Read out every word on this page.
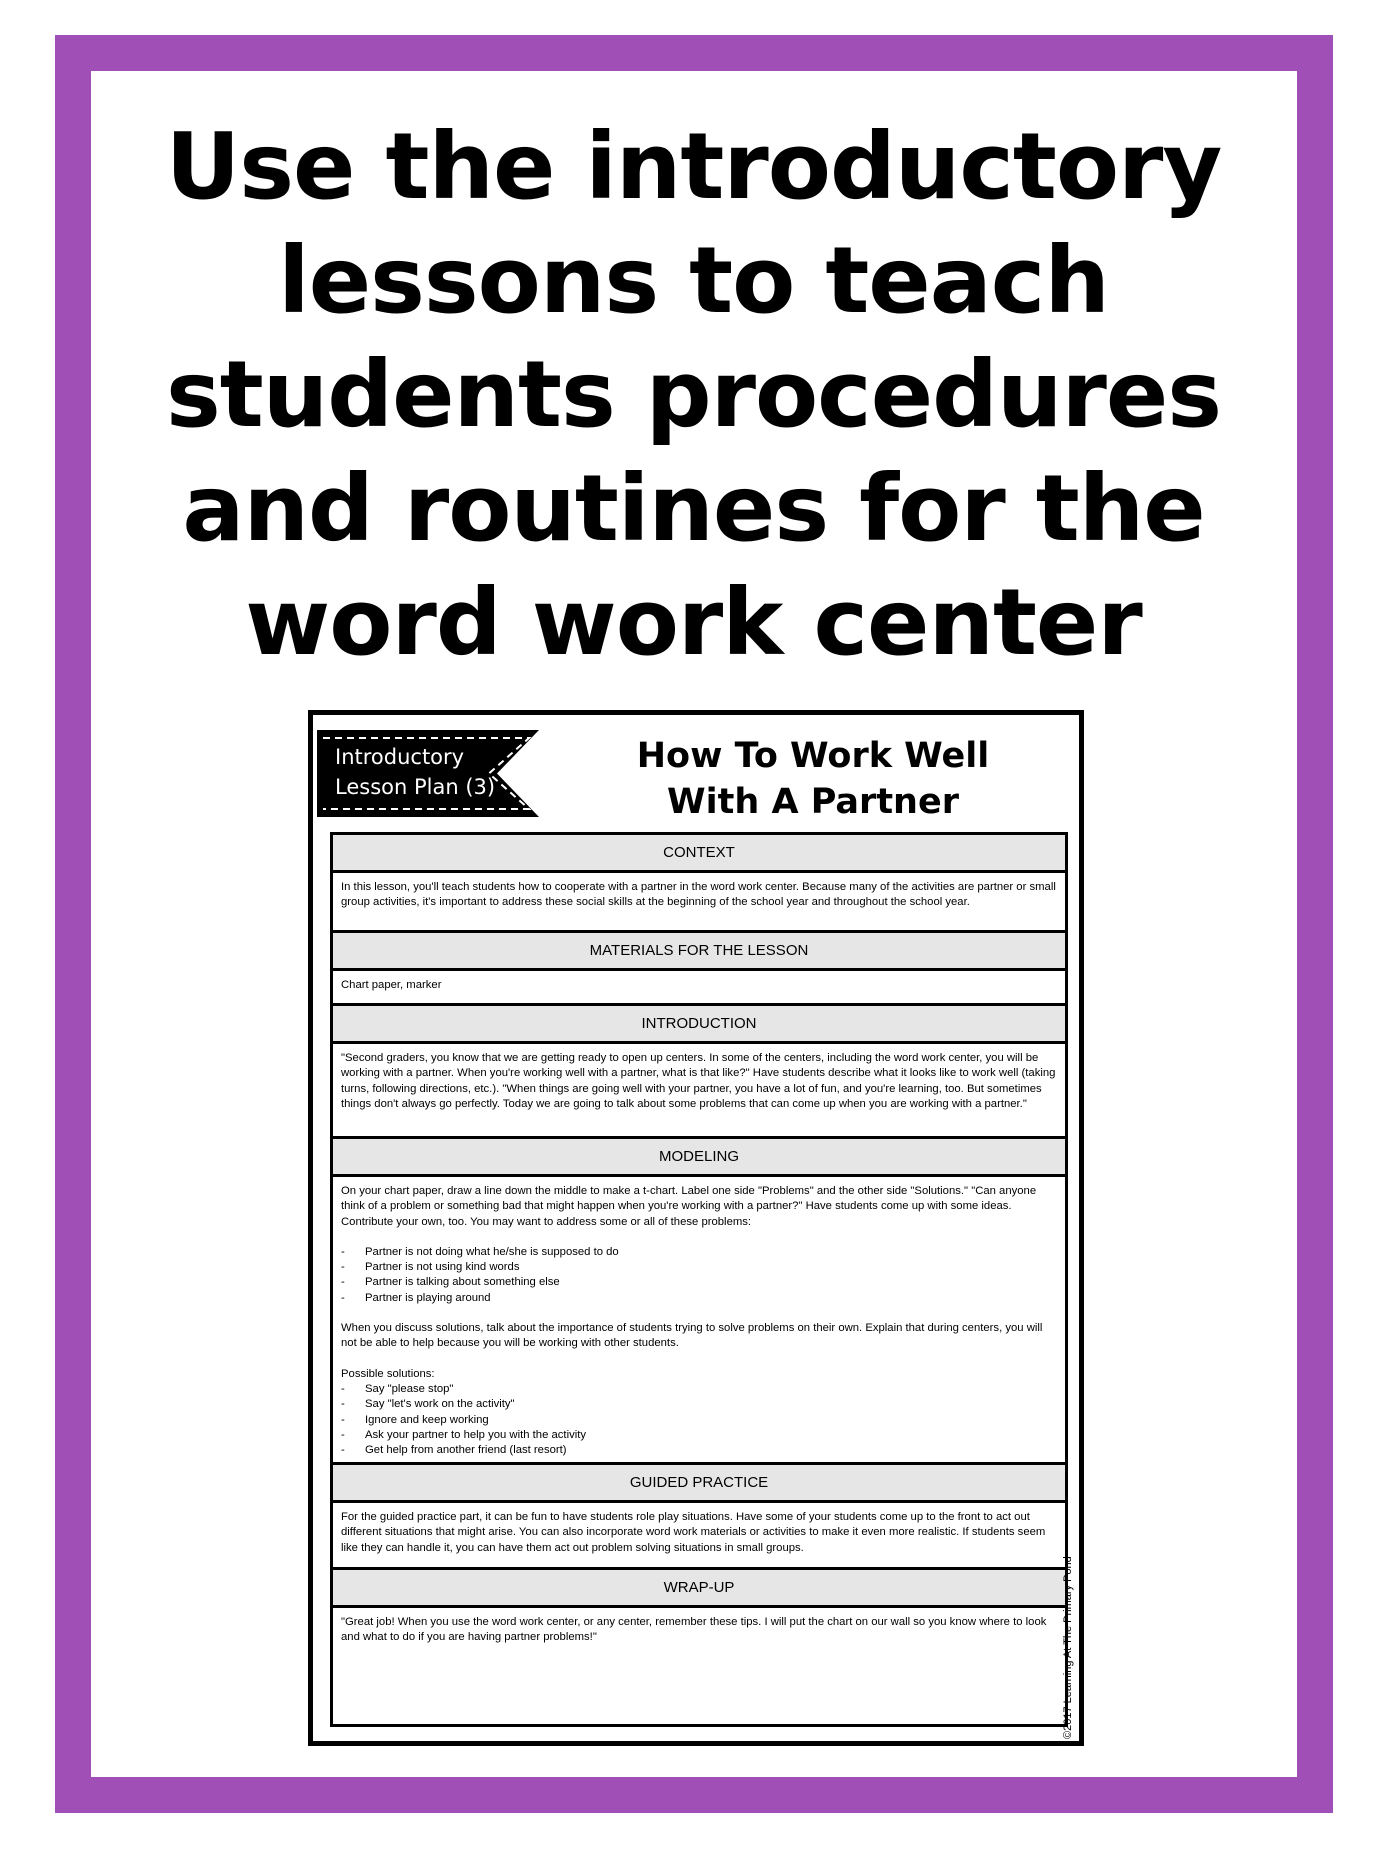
Use the introductory
lessons to teach
students procedures
and routines for the
word work center
Introductory
Lesson Plan (3)
How To Work Well
With A Partner
CONTEXT

In this lesson, you'll teach students how to cooperate with a partner in the word work center. Because many of the activities are partner or small group activities, it's important to address these social skills at the beginning of the school year and throughout the school year.

MATERIALS FOR THE LESSON

Chart paper, marker

INTRODUCTION

"Second graders, you know that we are getting ready to open up centers. In some of the centers, including the word work center, you will be working with a partner. When you're working well with a partner, what is that like?" Have students describe what it looks like to work well (taking turns, following directions, etc.). "When things are going well with your partner, you have a lot of fun, and you're learning, too. But sometimes things don't always go perfectly. Today we are going to talk about some problems that can come up when you are working with a partner."

MODELING

On your chart paper, draw a line down the middle to make a t-chart. Label one side "Problems" and the other side "Solutions." "Can anyone think of a problem or something bad that might happen when you're working with a partner?" Have students come up with some ideas. Contribute your own, too. You may want to address some or all of these problems:

- Partner is not doing what he/she is supposed to do
- Partner is not using kind words
- Partner is talking about something else
- Partner is playing around

When you discuss solutions, talk about the importance of students trying to solve problems on their own. Explain that during centers, you will not be able to help because you will be working with other students.

Possible solutions:

- Say "please stop"
- Say "let's work on the activity"
- Ignore and keep working
- Ask your partner to help you with the activity
- Get help from another friend (last resort)
GUIDED PRACTICE

For the guided practice part, it can be fun to have students role play situations. Have some of your students come up to the front to act out different situations that might arise. You can also incorporate word work materials or activities to make it even more realistic. If students seem like they can handle it, you can have them act out problem solving situations in small groups.

WRAP-UP

"Great job! When you use the word work center, or any center, remember these tips. I will put the chart on our wall so you know where to look and what to do if you are having partner problems!"	©2017 Learning At The Primary Pond
